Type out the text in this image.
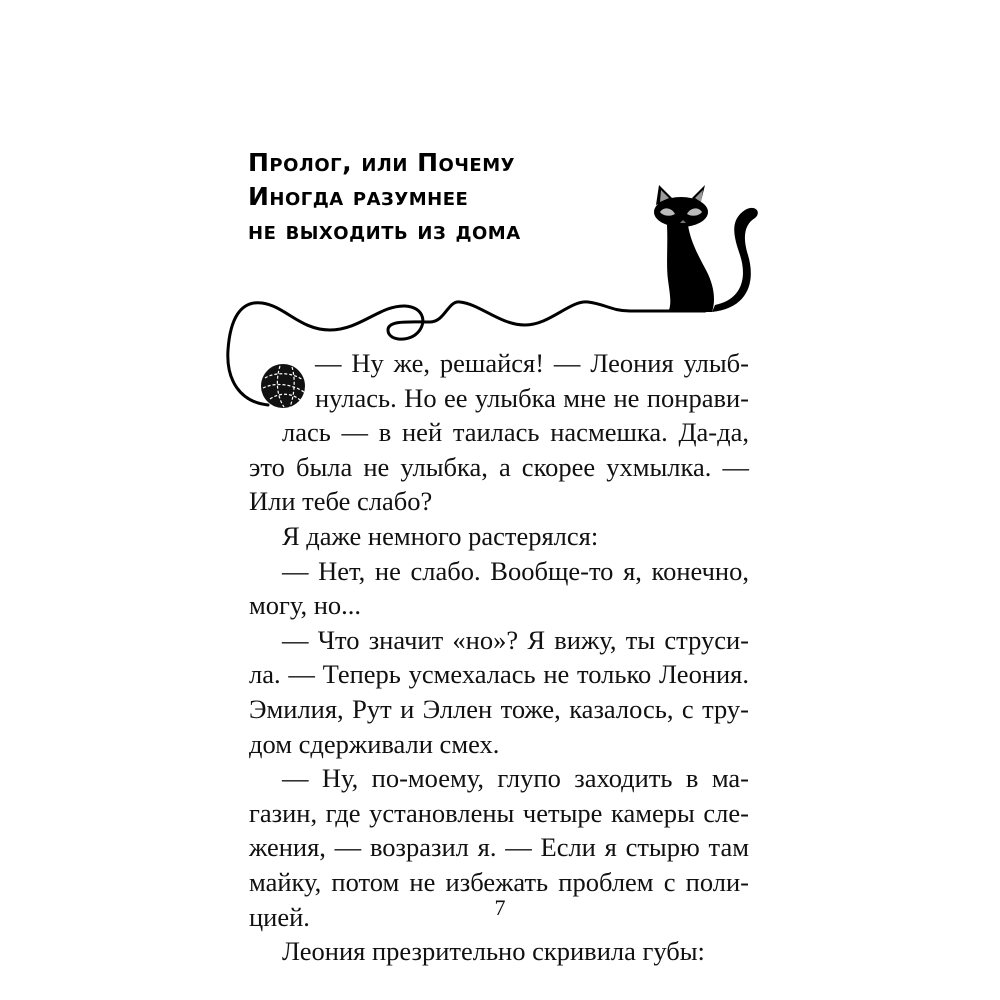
Пролог, или Почему
Иногда разумнее
не выходить из дома
— Ну же, решайся! — Леония улыб-
нулась. Но ее улыбка мне не понрави-
лась — в ней таилась насмешка. Да-да,
это была не улыбка, а скорее ухмылка. —
Или тебе слабо?
Я даже немного растерялся:
— Нет, не слабо. Вообще-то я, конечно,
могу, но...
— Что значит «но»? Я вижу, ты струси-
ла. — Теперь усмехалась не только Леония.
Эмилия, Рут и Эллен тоже, казалось, с тру-
дом сдерживали смех.
— Ну, по-моему, глупо заходить в ма-
газин, где установлены четыре камеры сле-
жения, — возразил я. — Если я стырю там
майку, потом не избежать проблем с поли-
цией.
Леония презрительно скривила губы:
7
